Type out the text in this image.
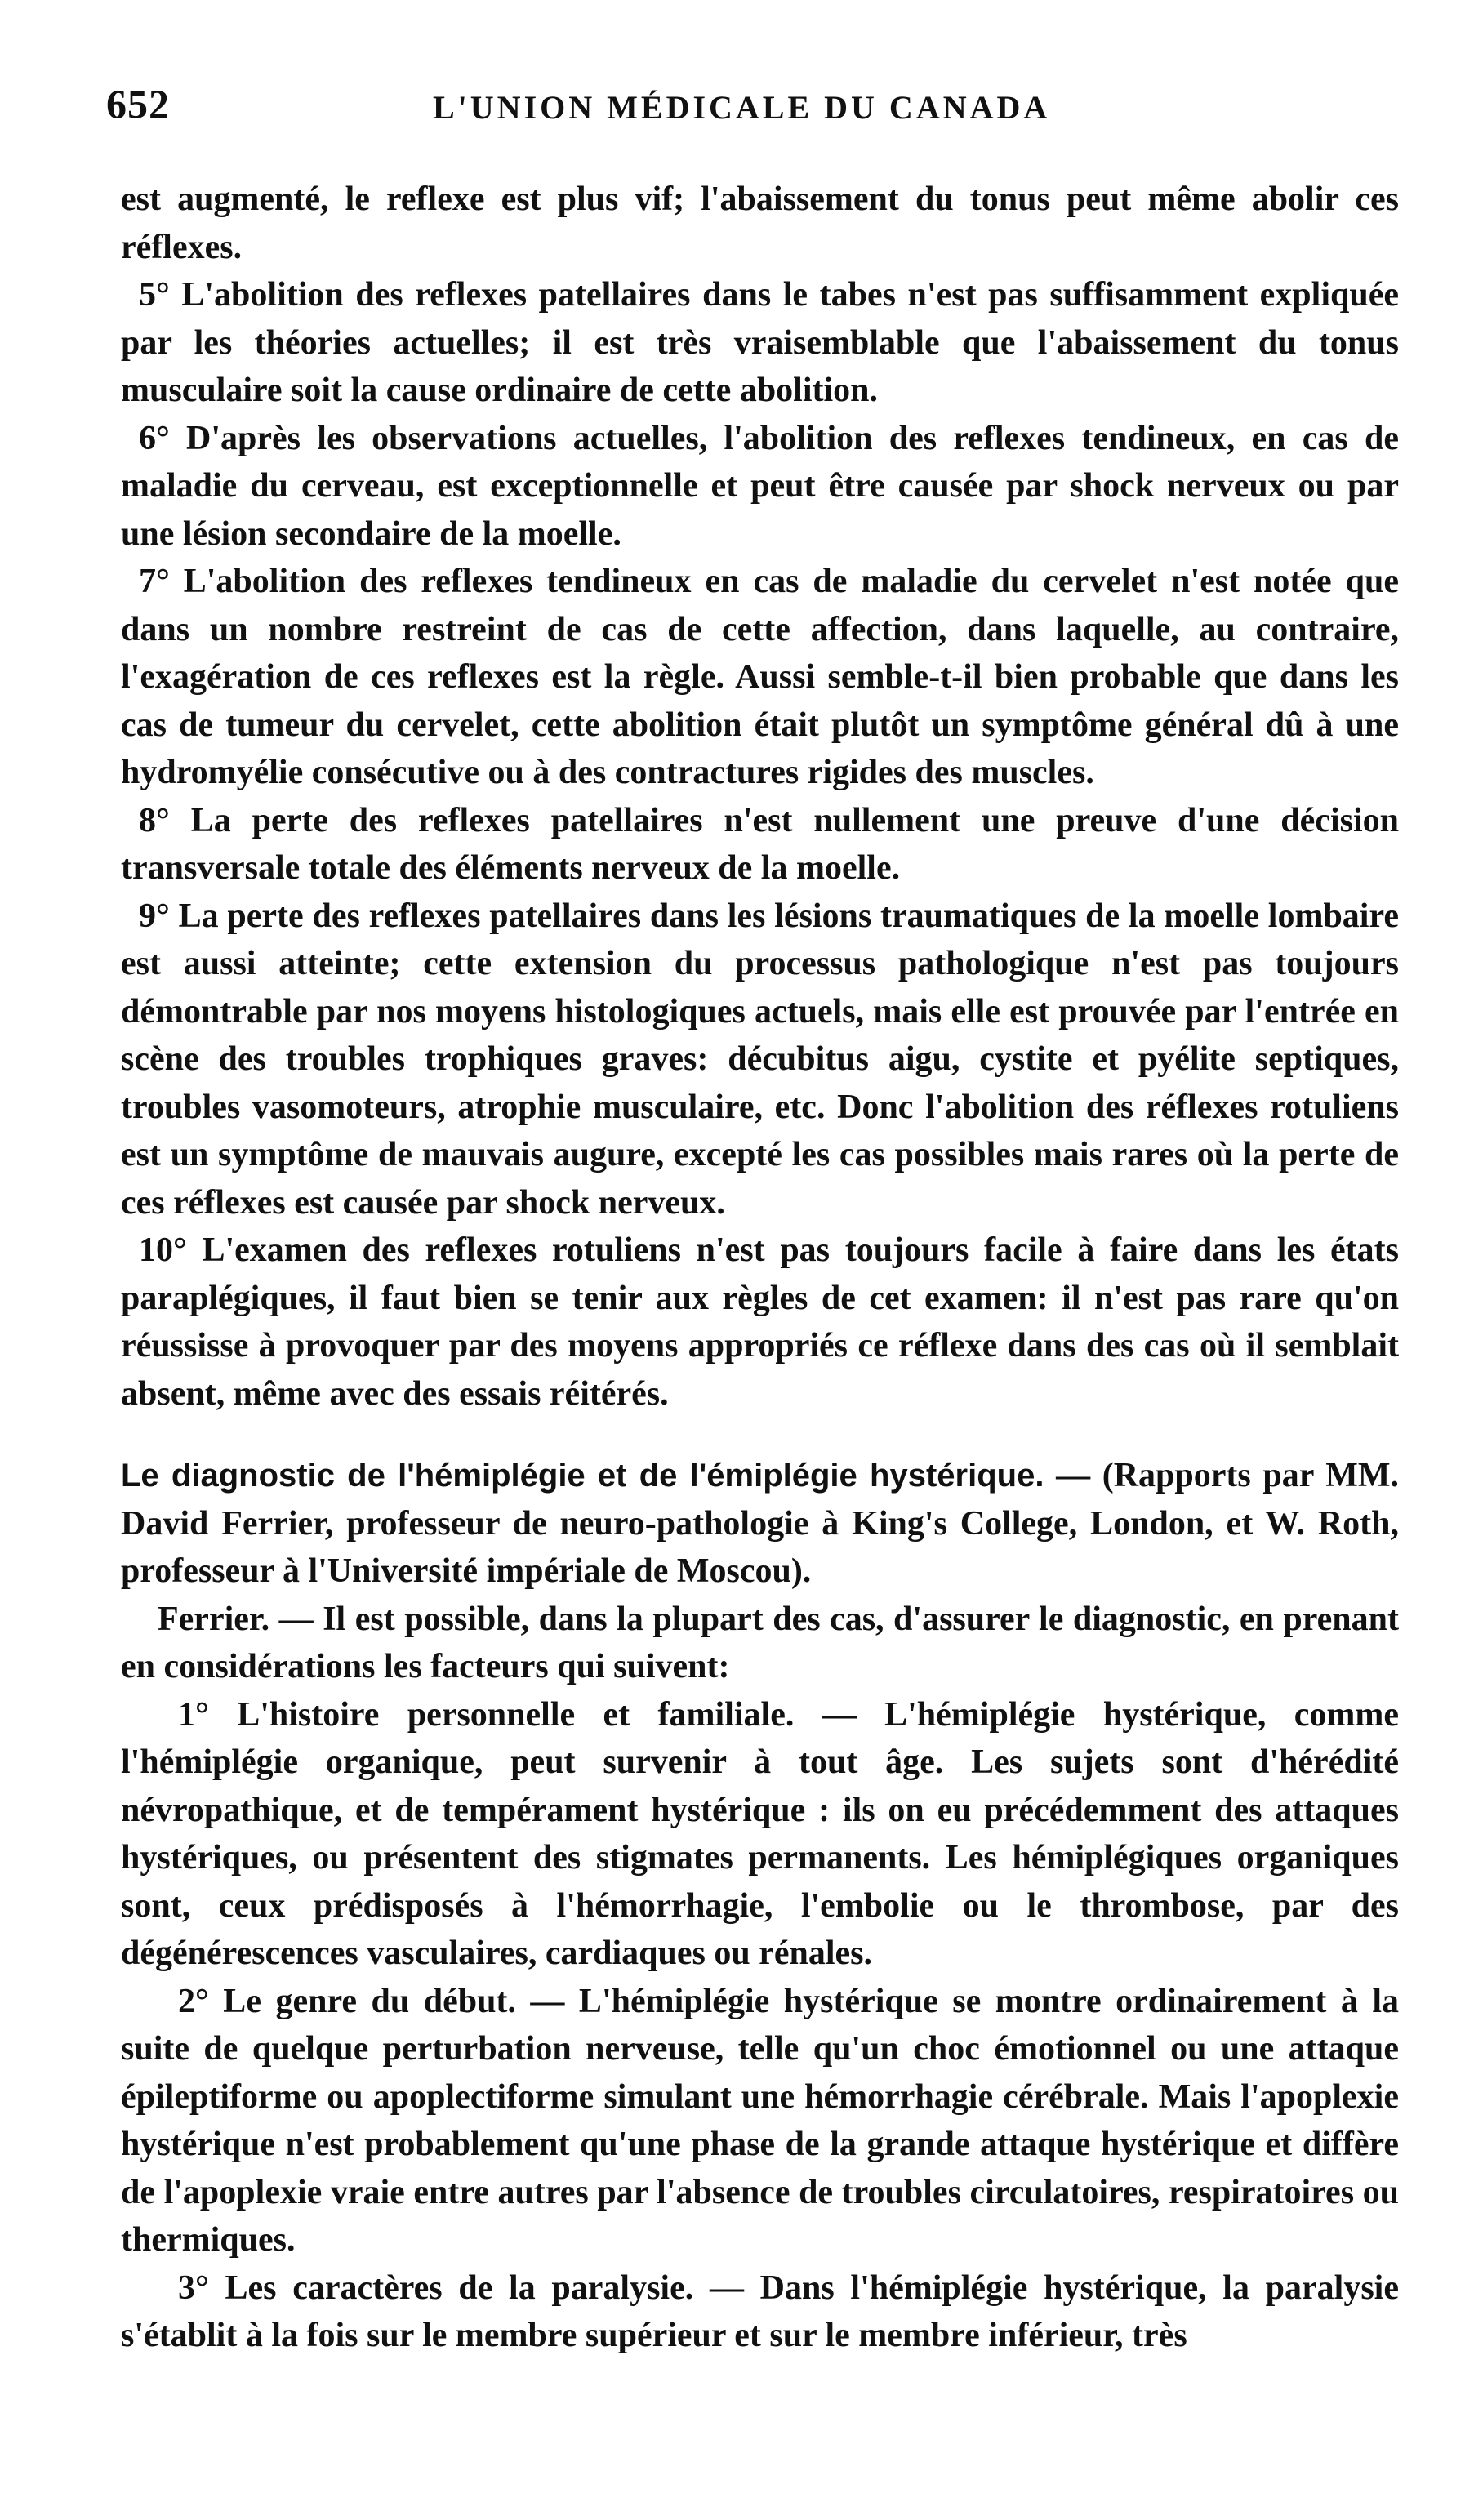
652	L'UNION MÉDICALE DU CANADA

est augmenté, le reflexe est plus vif; l'abaissement du tonus peut même abolir ces réflexes.

5° L'abolition des reflexes patellaires dans le tabes n'est pas suffisamment expliquée par les théories actuelles; il est très vraisemblable que l'abaissement du tonus musculaire soit la cause ordinaire de cette abolition.

6° D'après les observations actuelles, l'abolition des reflexes tendineux, en cas de maladie du cerveau, est exceptionnelle et peut être causée par shock nerveux ou par une lésion secondaire de la moelle.

7° L'abolition des reflexes tendineux en cas de maladie du cervelet n'est notée que dans un nombre restreint de cas de cette affection, dans laquelle, au contraire, l'exagération de ces reflexes est la règle. Aussi semble-t-il bien probable que dans les cas de tumeur du cervelet, cette abolition était plutôt un symptôme général dû à une hydromyélie consécutive ou à des contractures rigides des muscles.

8° La perte des reflexes patellaires n'est nullement une preuve d'une décision transversale totale des éléments nerveux de la moelle.

9° La perte des reflexes patellaires dans les lésions traumatiques de la moelle lombaire est aussi atteinte; cette extension du processus pathologique n'est pas toujours démontrable par nos moyens histologiques actuels, mais elle est prouvée par l'entrée en scène des troubles trophiques graves: décubitus aigu, cystite et pyélite septiques, troubles vasomoteurs, atrophie musculaire, etc. Donc l'abolition des réflexes rotuliens est un symptôme de mauvais augure, excepté les cas possibles mais rares où la perte de ces réflexes est causée par shock nerveux.

10° L'examen des reflexes rotuliens n'est pas toujours facile à faire dans les états paraplégiques, il faut bien se tenir aux règles de cet examen: il n'est pas rare qu'on réussisse à provoquer par des moyens appropriés ce réflexe dans des cas où il semblait absent, même avec des essais réitérés.

Le diagnostic de l'hémiplégie et de l'émiplégie hystérique. — (Rapports par MM. David Ferrier, professeur de neuro-pathologie à King's College, London, et W. Roth, professeur à l'Université impériale de Moscou).

Ferrier. — Il est possible, dans la plupart des cas, d'assurer le diagnostic, en prenant en considérations les facteurs qui suivent:

1° L'histoire personnelle et familiale. — L'hémiplégie hystérique, comme l'hémiplégie organique, peut survenir à tout âge. Les sujets sont d'hérédité névropathique, et de tempérament hystérique : ils on eu précédemment des attaques hystériques, ou présentent des stigmates permanents. Les hémiplégiques organiques sont, ceux prédisposés à l'hémorrhagie, l'embolie ou le thrombose, par des dégénérescences vasculaires, cardiaques ou rénales.

2° Le genre du début. — L'hémiplégie hystérique se montre ordinairement à la suite de quelque perturbation nerveuse, telle qu'un choc émotionnel ou une attaque épileptiforme ou apoplectiforme simulant une hémorrhagie cérébrale. Mais l'apoplexie hystérique n'est probablement qu'une phase de la grande attaque hystérique et diffère de l'apoplexie vraie entre autres par l'absence de troubles circulatoires, respiratoires ou thermiques.

3° Les caractères de la paralysie. — Dans l'hémiplégie hystérique, la paralysie s'établit à la fois sur le membre supérieur et sur le membre inférieur, très
